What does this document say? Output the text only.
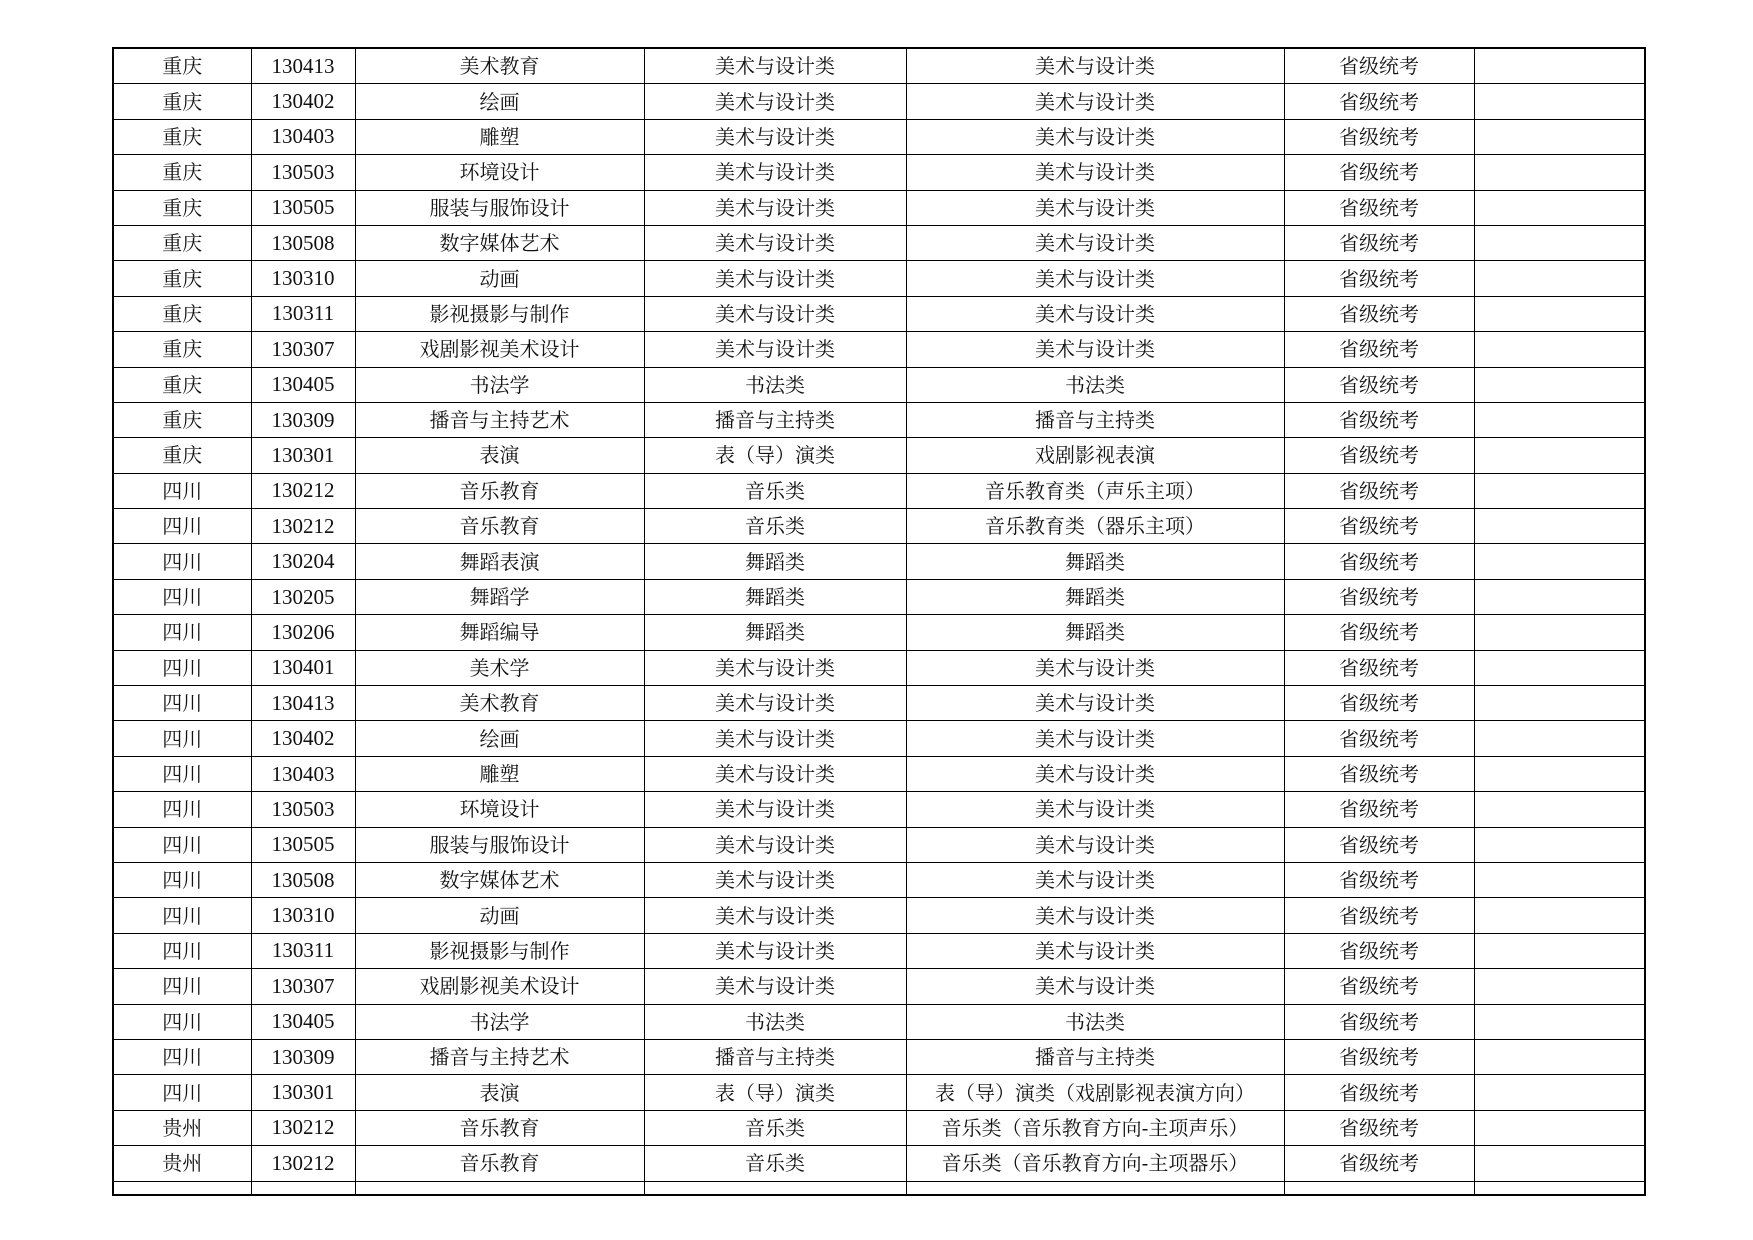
重庆	130413	美术教育	美术与设计类	美术与设计类	省级统考	
重庆	130402	绘画	美术与设计类	美术与设计类	省级统考	
重庆	130403	雕塑	美术与设计类	美术与设计类	省级统考	
重庆	130503	环境设计	美术与设计类	美术与设计类	省级统考	
重庆	130505	服装与服饰设计	美术与设计类	美术与设计类	省级统考	
重庆	130508	数字媒体艺术	美术与设计类	美术与设计类	省级统考	
重庆	130310	动画	美术与设计类	美术与设计类	省级统考	
重庆	130311	影视摄影与制作	美术与设计类	美术与设计类	省级统考	
重庆	130307	戏剧影视美术设计	美术与设计类	美术与设计类	省级统考	
重庆	130405	书法学	书法类	书法类	省级统考	
重庆	130309	播音与主持艺术	播音与主持类	播音与主持类	省级统考	
重庆	130301	表演	表（导）演类	戏剧影视表演	省级统考	
四川	130212	音乐教育	音乐类	音乐教育类（声乐主项）	省级统考	
四川	130212	音乐教育	音乐类	音乐教育类（器乐主项）	省级统考	
四川	130204	舞蹈表演	舞蹈类	舞蹈类	省级统考	
四川	130205	舞蹈学	舞蹈类	舞蹈类	省级统考	
四川	130206	舞蹈编导	舞蹈类	舞蹈类	省级统考	
四川	130401	美术学	美术与设计类	美术与设计类	省级统考	
四川	130413	美术教育	美术与设计类	美术与设计类	省级统考	
四川	130402	绘画	美术与设计类	美术与设计类	省级统考	
四川	130403	雕塑	美术与设计类	美术与设计类	省级统考	
四川	130503	环境设计	美术与设计类	美术与设计类	省级统考	
四川	130505	服装与服饰设计	美术与设计类	美术与设计类	省级统考	
四川	130508	数字媒体艺术	美术与设计类	美术与设计类	省级统考	
四川	130310	动画	美术与设计类	美术与设计类	省级统考	
四川	130311	影视摄影与制作	美术与设计类	美术与设计类	省级统考	
四川	130307	戏剧影视美术设计	美术与设计类	美术与设计类	省级统考	
四川	130405	书法学	书法类	书法类	省级统考	
四川	130309	播音与主持艺术	播音与主持类	播音与主持类	省级统考	
四川	130301	表演	表（导）演类	表（导）演类（戏剧影视表演方向）	省级统考	
贵州	130212	音乐教育	音乐类	音乐类（音乐教育方向-主项声乐）	省级统考	
贵州	130212	音乐教育	音乐类	音乐类（音乐教育方向-主项器乐）	省级统考	
